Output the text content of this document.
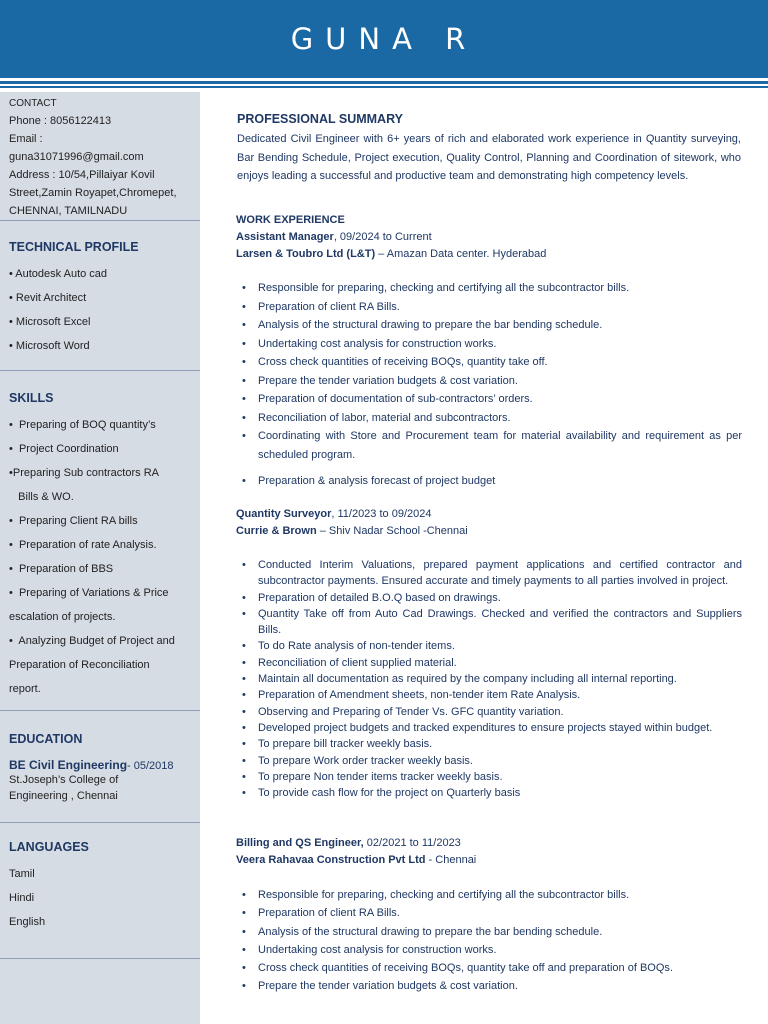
GUNA R
CONTACT
Phone : 8056122413
Email :
guna31071996@gmail.com
Address : 10/54,Pillaiyar Kovil
Street,Zamin Royapet,Chromepet,
CHENNAI, TAMILNADU
TECHNICAL PROFILE
• Autodesk Auto cad
• Revit Architect
• Microsoft Excel
• Microsoft Word
SKILLS
•  Preparing of BOQ quantity’s
•  Project Coordination
•Preparing Sub contractors RA
Bills & WO.
•  Preparing Client RA bills
•  Preparation of rate Analysis.
•  Preparation of BBS
•  Preparing of Variations & Price
escalation of projects.
•  Analyzing Budget of Project and
Preparation of Reconciliation
report.
EDUCATION
BE Civil Engineering- 05/2018
St.Joseph’s College of
Engineering , Chennai
LANGUAGES
Tamil
Hindi
English
PROFESSIONAL SUMMARY
Dedicated Civil Engineer with 6+ years of rich and elaborated work experience in Quantity surveying, Bar Bending Schedule, Project execution, Quality Control, Planning and Coordination of sitework, who enjoys leading a successful and productive team and demonstrating high competency levels.
WORK EXPERIENCE
Assistant Manager, 09/2024 to Current
Larsen & Toubro Ltd (L&T) – Amazan Data center. Hyderabad
• Responsible for preparing, checking and certifying all the subcontractor bills.
• Preparation of client RA Bills.
• Analysis of the structural drawing to prepare the bar bending schedule.
• Undertaking cost analysis for construction works.
• Cross check quantities of receiving BOQs, quantity take off.
• Prepare the tender variation budgets & cost variation.
• Preparation of documentation of sub-contractors’ orders.
• Reconciliation of labor, material and subcontractors.
• Coordinating with Store and Procurement team for material availability and requirement as per scheduled program.
• Preparation & analysis forecast of project budget
Quantity Surveyor, 11/2023 to 09/2024
Currie & Brown – Shiv Nadar School -Chennai
• Conducted Interim Valuations, prepared payment applications and certified contractor and subcontractor payments. Ensured accurate and timely payments to all parties involved in project.
• Preparation of detailed B.O.Q based on drawings.
• Quantity Take off from Auto Cad Drawings. Checked and verified the contractors and Suppliers Bills.
• To do Rate analysis of non-tender items.
• Reconciliation of client supplied material.
• Maintain all documentation as required by the company including all internal reporting.
• Preparation of Amendment sheets, non-tender item Rate Analysis.
• Observing and Preparing of Tender Vs. GFC quantity variation.
• Developed project budgets and tracked expenditures to ensure projects stayed within budget.
• To prepare bill tracker weekly basis.
• To prepare Work order tracker weekly basis.
• To prepare Non tender items tracker weekly basis.
• To provide cash flow for the project on Quarterly basis
Billing and QS Engineer, 02/2021 to 11/2023
Veera Rahavaa Construction Pvt Ltd - Chennai
• Responsible for preparing, checking and certifying all the subcontractor bills.
• Preparation of client RA Bills.
• Analysis of the structural drawing to prepare the bar bending schedule.
• Undertaking cost analysis for construction works.
• Cross check quantities of receiving BOQs, quantity take off and preparation of BOQs.
• Prepare the tender variation budgets & cost variation.
